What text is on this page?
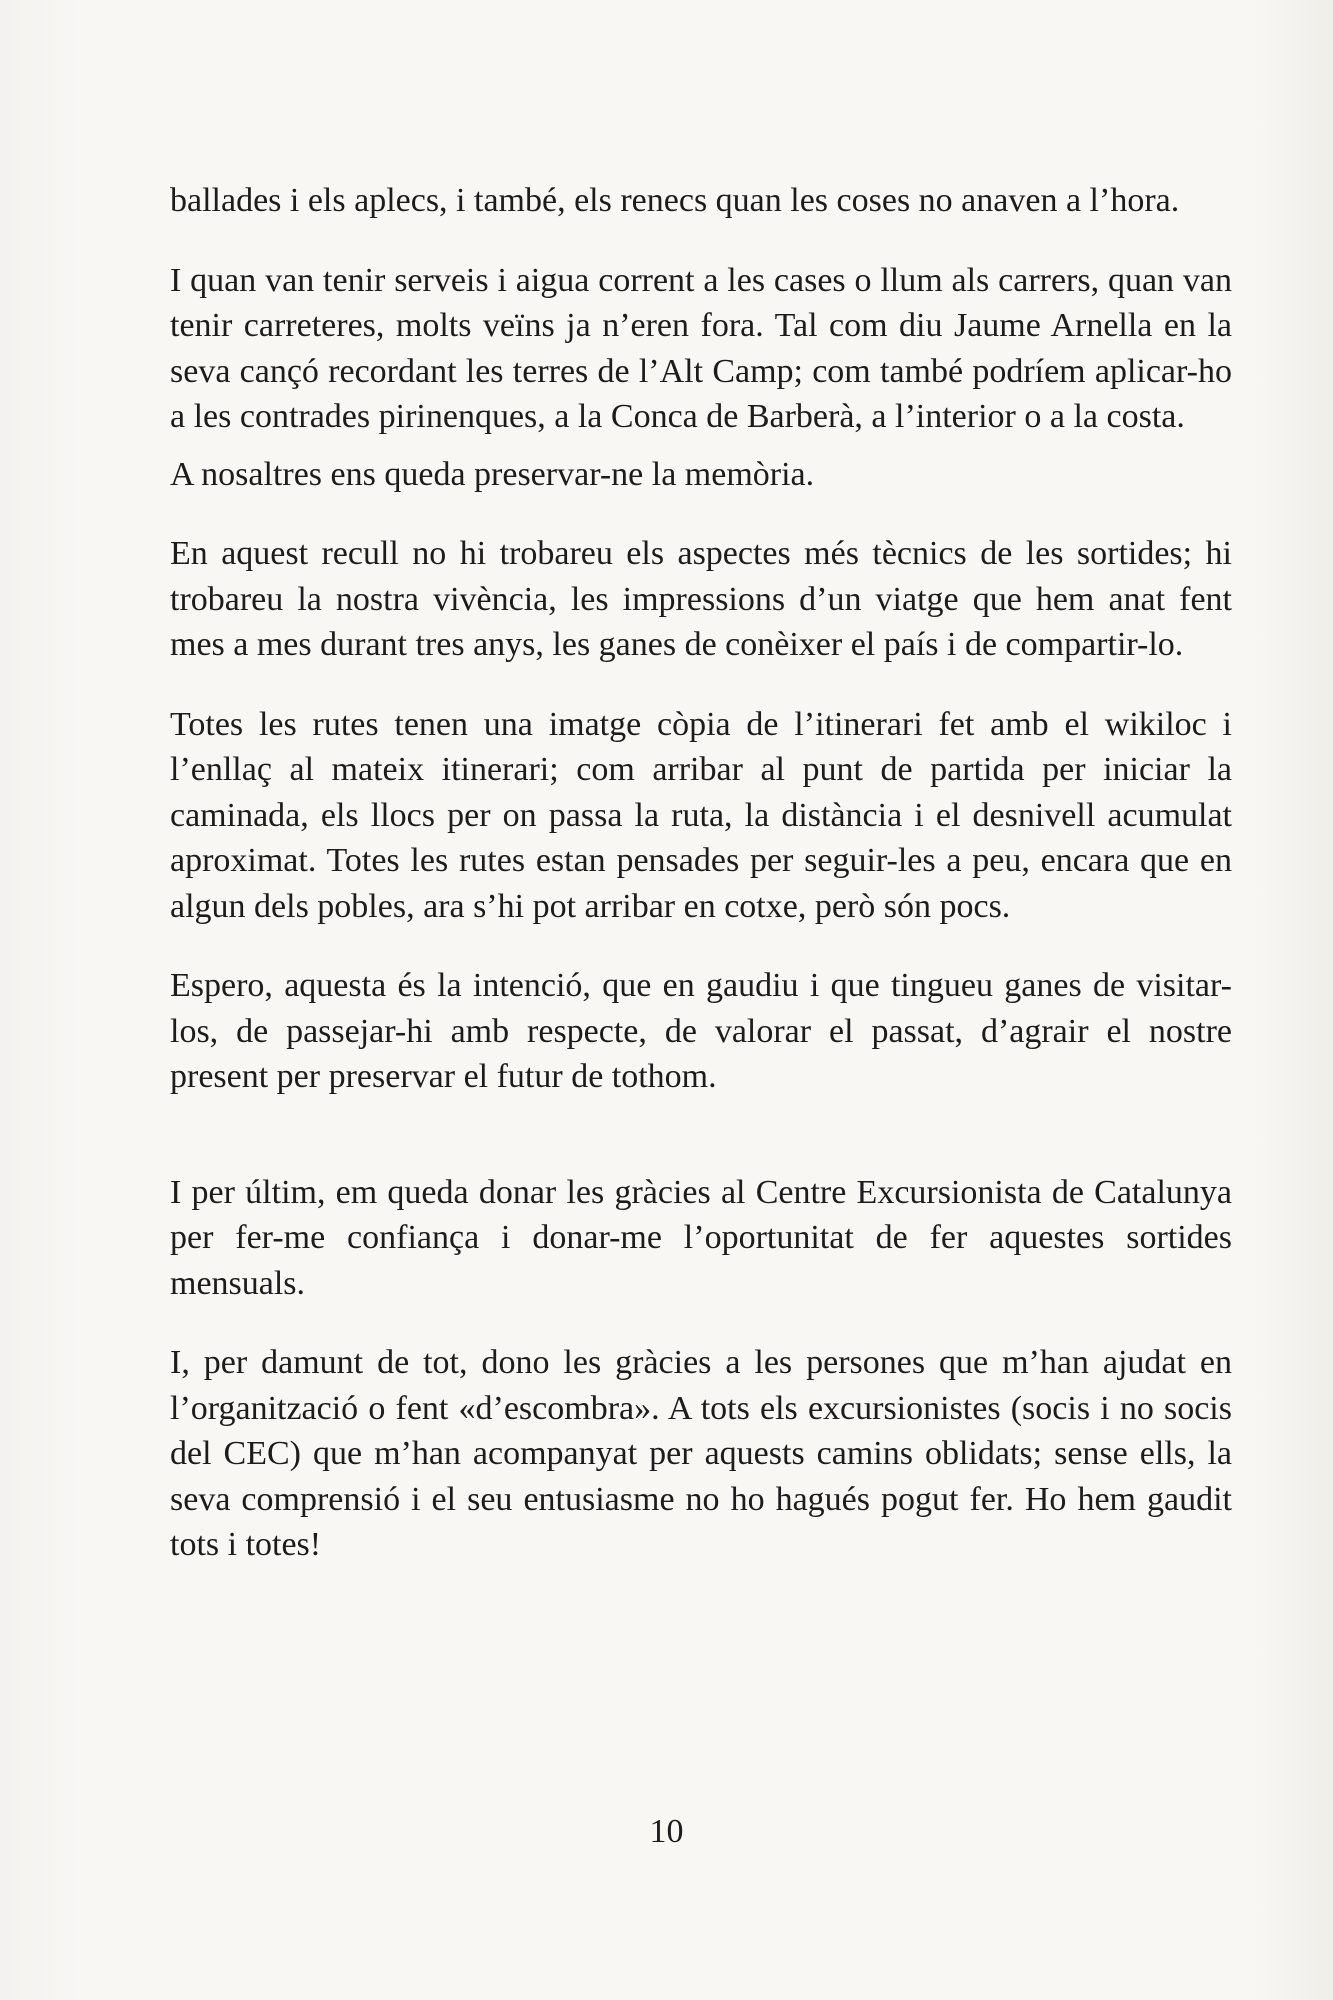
ballades i els aplecs, i també, els renecs quan les coses no anaven a l’hora.

I quan van tenir serveis i aigua corrent a les cases o llum als carrers, quan van tenir carreteres, molts veïns ja n’eren fora. Tal com diu Jaume Arnella en la seva cançó recordant les terres de l’Alt Camp; com també podríem aplicar-ho a les contrades pirinenques, a la Conca de Barberà, a l’interior o a la costa.

A nosaltres ens queda preservar-ne la memòria.

En aquest recull no hi trobareu els aspectes més tècnics de les sortides; hi trobareu la nostra vivència, les impressions d’un viatge que hem anat fent mes a mes durant tres anys, les ganes de conèixer el país i de compartir-lo.

Totes les rutes tenen una imatge còpia de l’itinerari fet amb el wikiloc i l’enllaç al mateix itinerari; com arribar al punt de partida per iniciar la caminada, els llocs per on passa la ruta, la distància i el desnivell acumulat aproximat. Totes les rutes estan pensades per seguir-les a peu, encara que en algun dels pobles, ara s’hi pot arribar en cotxe, però són pocs.

Espero, aquesta és la intenció, que en gaudiu i que tingueu ganes de visitar-los, de passejar-hi amb respecte, de valorar el passat, d’agrair el nostre present per preservar el futur de tothom.

I per últim, em queda donar les gràcies al Centre Excursionista de Catalunya per fer-me confiança i donar-me l’oportunitat de fer aquestes sortides mensuals.

I, per damunt de tot, dono les gràcies a les persones que m’han ajudat en l’organització o fent «d’escombra». A tots els excursionistes (socis i no socis del CEC) que m’han acompanyat per aquests camins oblidats; sense ells, la seva comprensió i el seu entusiasme no ho hagués pogut fer. Ho hem gaudit tots i totes!

10
